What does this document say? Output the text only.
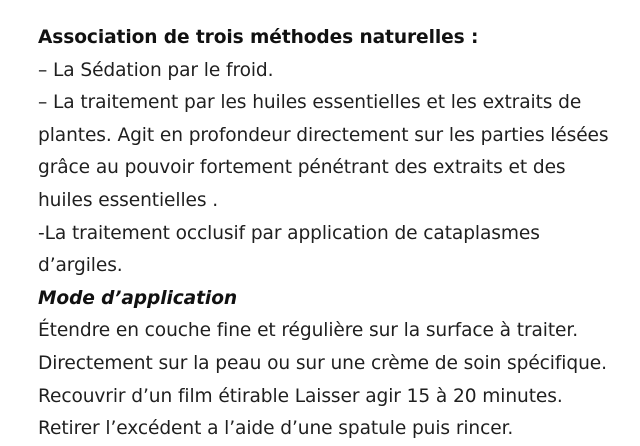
Association de trois méthodes naturelles :
– La Sédation par le froid.
– La traitement par les huiles essentielles et les extraits de
plantes. Agit en profondeur directement sur les parties lésées
grâce au pouvoir fortement pénétrant des extraits et des
huiles essentielles .
-La traitement occlusif par application de cataplasmes
d’argiles.
Mode d’application
Étendre en couche fine et régulière sur la surface à traiter.
Directement sur la peau ou sur une crème de soin spécifique.
Recouvrir d’un film étirable Laisser agir 15 à 20 minutes.
Retirer l’excédent a l’aide d’une spatule puis rincer.
